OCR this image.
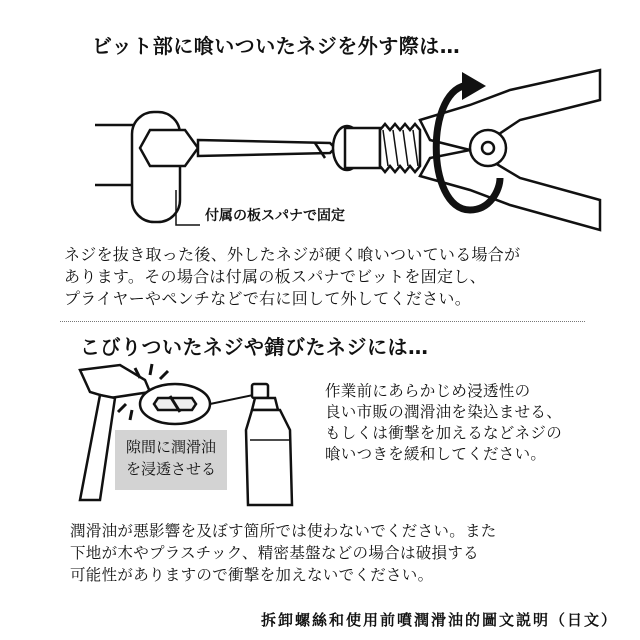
ビット部に喰いついたネジを外す際は…
付属の板スパナで固定
ネジを抜き取った後、外したネジが硬く喰いついている場合が
あります。その場合は付属の板スパナでビットを固定し、
プライヤーやペンチなどで右に回して外してください。
こびりついたネジや錆びたネジには…
隙間に潤滑油
を浸透させる
作業前にあらかじめ浸透性の
良い市販の潤滑油を染込ませる、
もしくは衝撃を加えるなどネジの
喰いつきを緩和してください。
潤滑油が悪影響を及ぼす箇所では使わないでください。また
下地が木やプラスチック、精密基盤などの場合は破損する
可能性がありますので衝撃を加えないでください。
拆卸螺絲和使用前噴潤滑油的圖文説明（日文）
